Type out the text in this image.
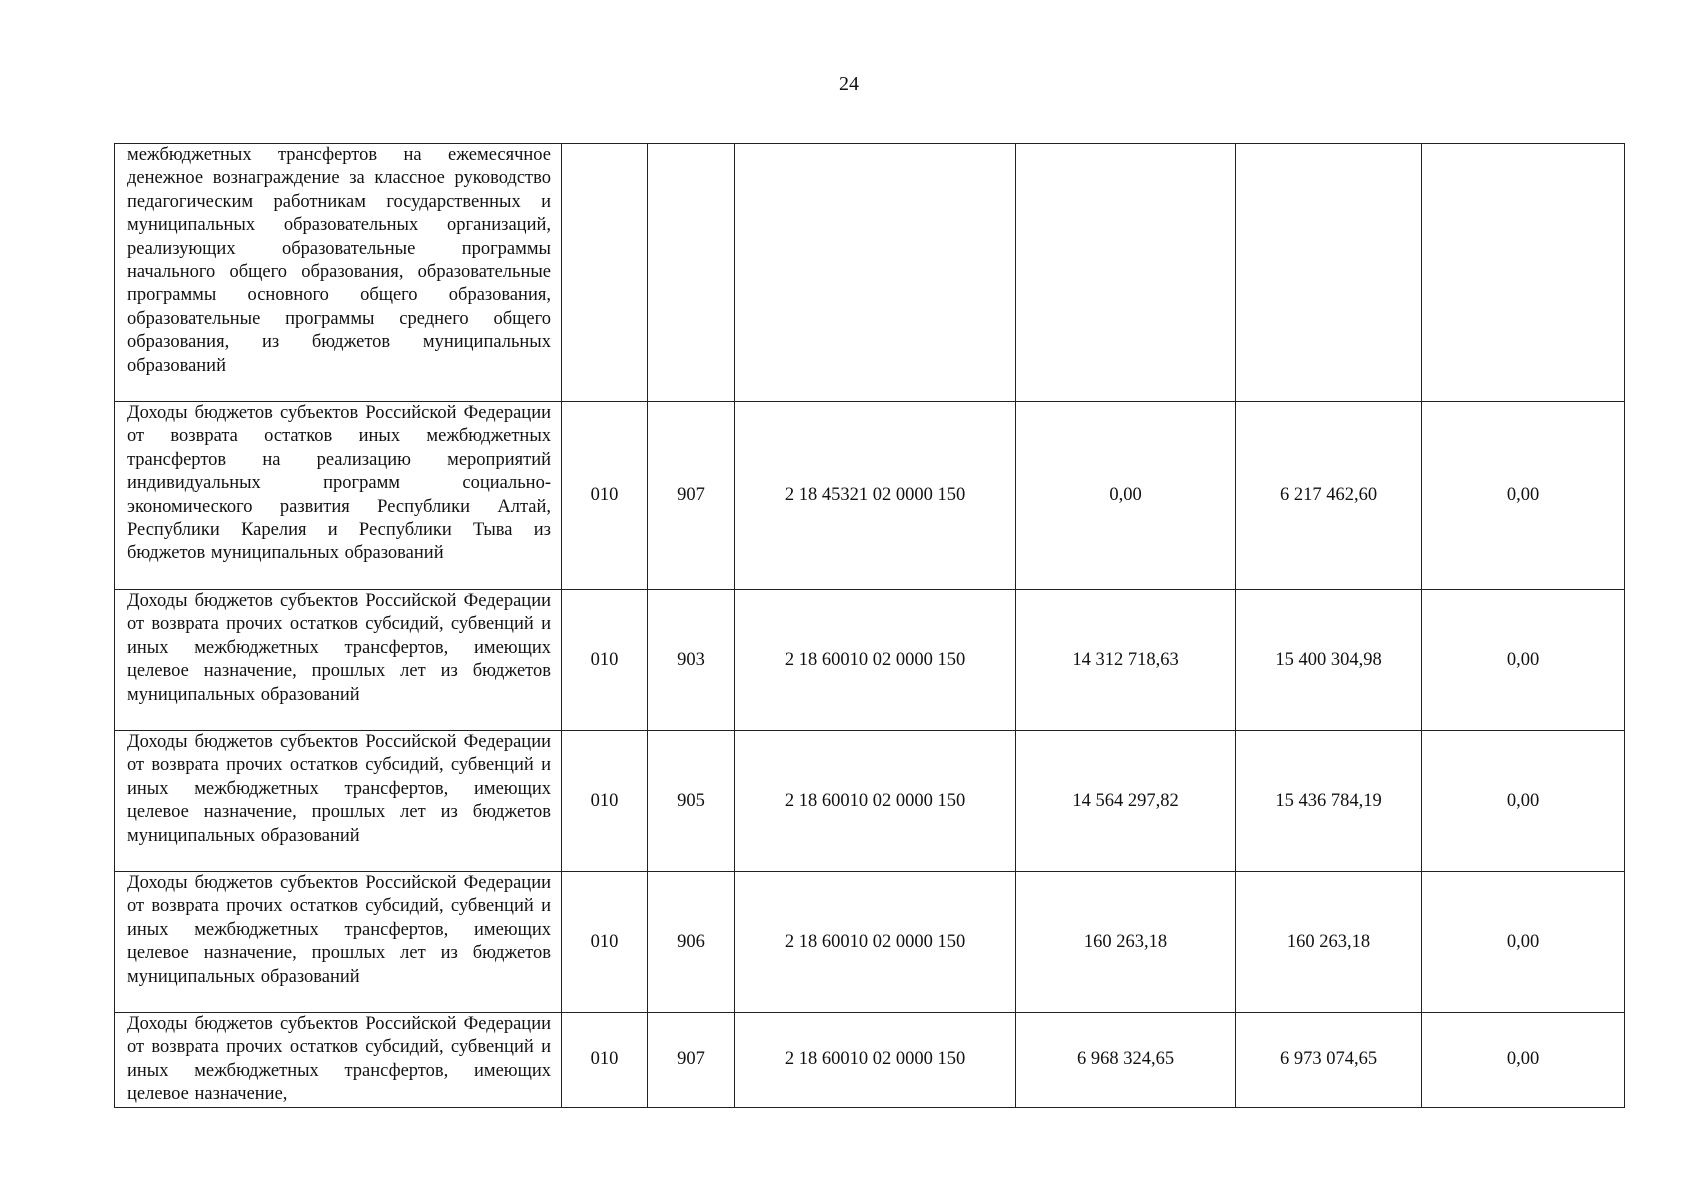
24
межбюджетных трансфертов на ежемесячное денежное вознаграждение за классное руководство педагогическим работникам государственных и муниципальных образовательных организаций, реализующих образовательные программы начального общего образования, образовательные программы основного общего образования, образовательные программы среднего общего образования, из бюджетов муниципальных образований						
Доходы бюджетов субъектов Российской Федерации от возврата остатков иных межбюджетных трансфертов на реализацию мероприятий индивидуальных программ социально-экономического развития Республики Алтай, Республики Карелия и Республики Тыва из бюджетов муниципальных образований	010	907	2 18 45321 02 0000 150	0,00	6 217 462,60	0,00
Доходы бюджетов субъектов Российской Федерации от возврата прочих остатков субсидий, субвенций и иных межбюджетных трансфертов, имеющих целевое назначение, прошлых лет из бюджетов муниципальных образований	010	903	2 18 60010 02 0000 150	14 312 718,63	15 400 304,98	0,00
Доходы бюджетов субъектов Российской Федерации от возврата прочих остатков субсидий, субвенций и иных межбюджетных трансфертов, имеющих целевое назначение, прошлых лет из бюджетов муниципальных образований	010	905	2 18 60010 02 0000 150	14 564 297,82	15 436 784,19	0,00
Доходы бюджетов субъектов Российской Федерации от возврата прочих остатков субсидий, субвенций и иных межбюджетных трансфертов, имеющих целевое назначение, прошлых лет из бюджетов муниципальных образований	010	906	2 18 60010 02 0000 150	160 263,18	160 263,18	0,00
Доходы бюджетов субъектов Российской Федерации от возврата прочих остатков субсидий, субвенций и иных межбюджетных трансфертов, имеющих целевое назначение,	010	907	2 18 60010 02 0000 150	6 968 324,65	6 973 074,65	0,00
